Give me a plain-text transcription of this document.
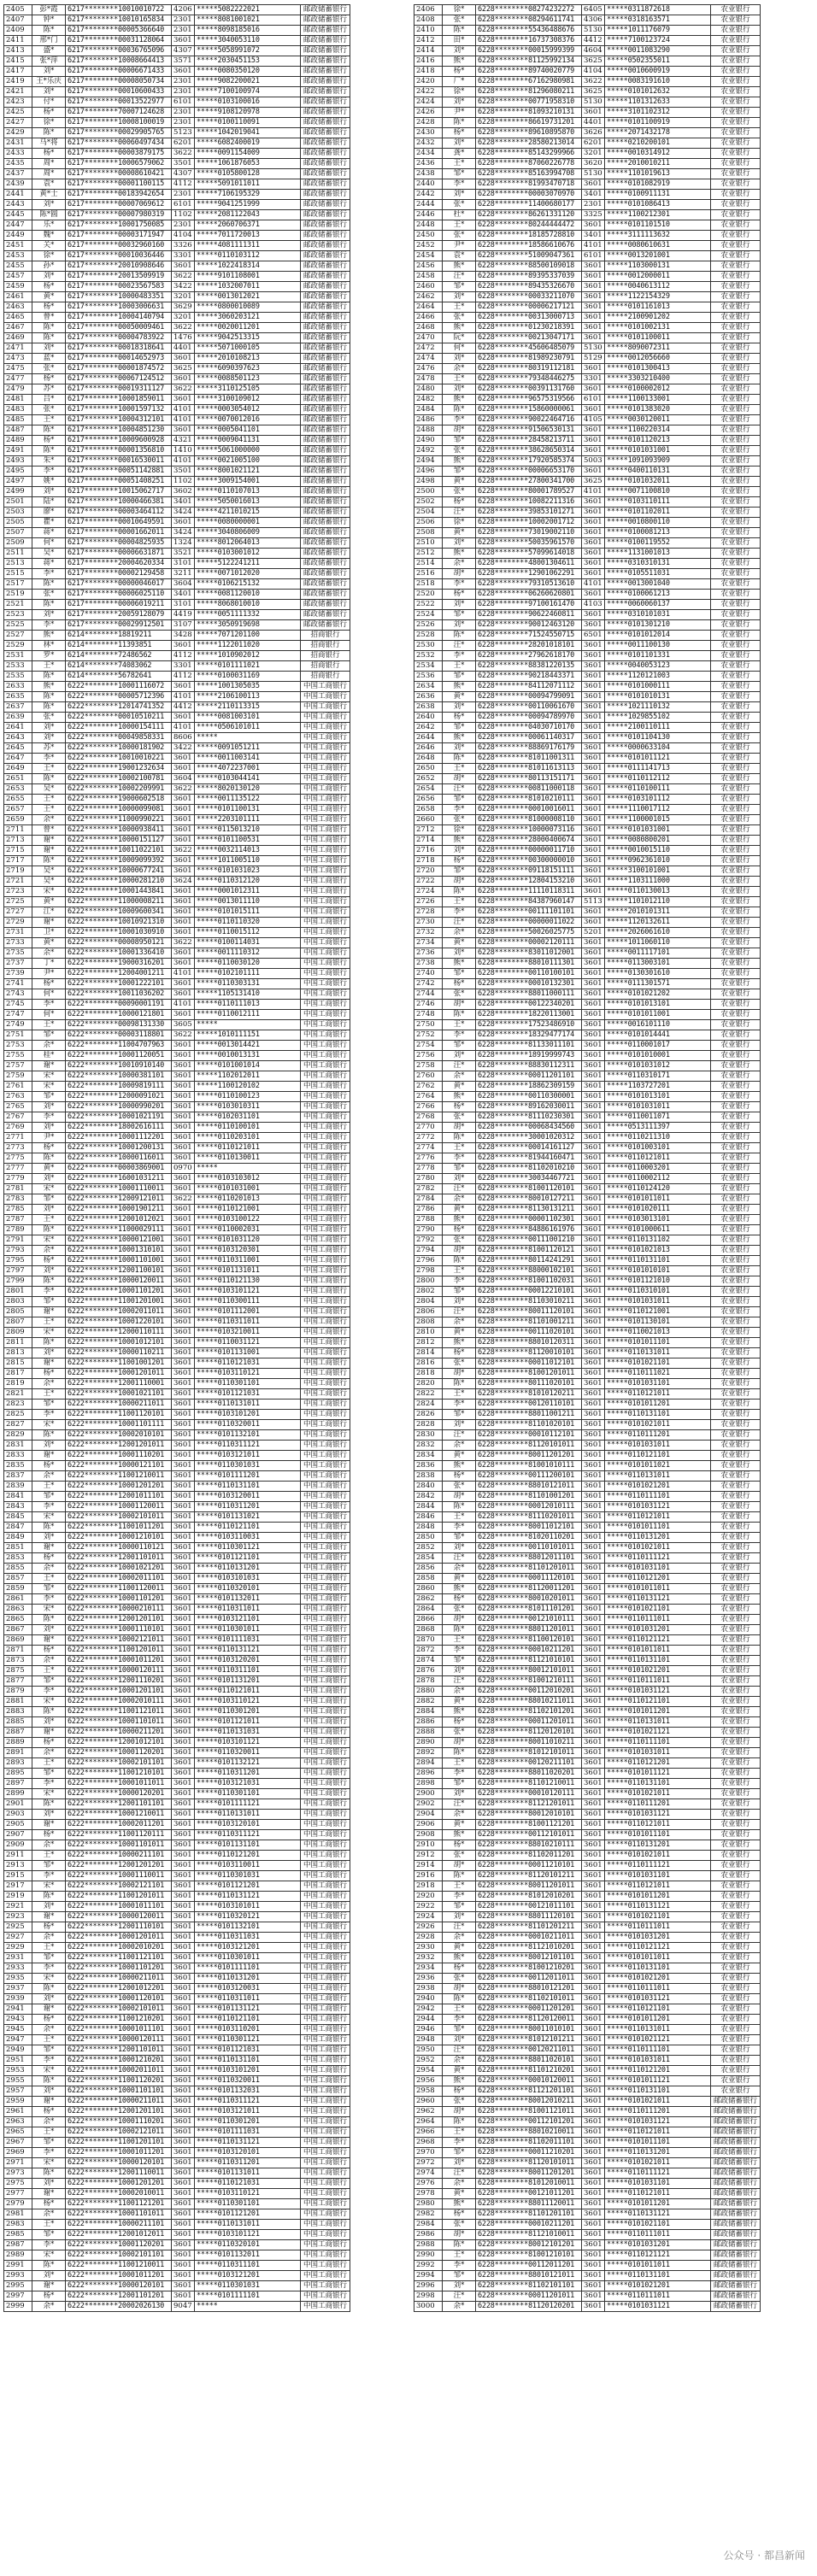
2405	彭*霞	6217********10010010722	4206	*****5082222021	邮政储蓄银行
2407	钟*	6217********10010165834	2301	*****8081001021	邮政储蓄银行
2409	陈*	6217********00005366640	2301	*****8098185016	邮政储蓄银行
2411	邢*门	6217********00031128064	3601	*****3040053110	邮政储蓄银行
2413	盛*	6217********00036765096	4307	*****5058991072	邮政储蓄银行
2415	张*萍	6217********10008664413	3571	*****2030451153	邮政储蓄银行
2417	刘*	6217********00006671433	3601	*****0080350120	邮政储蓄银行
2419	王*乐庆	6217********00008050734	2301	*****9082200021	邮政储蓄银行
2421	刘*	6217********00010600433	2301	*****7100100974	邮政储蓄银行
2423	付*	6217********00013522977	6101	*****0103100016	邮政储蓄银行
2425	杨*	6217********70007124628	2301	*****9108120978	邮政储蓄银行
2427	徐*	6217********10008100019	2301	*****0100110091	邮政储蓄银行
2429	陈*	6217********00029905765	5123	*****1042019041	邮政储蓄银行
2431	马*将	6217********00060497434	6201	*****6082400019	邮政储蓄银行
2433	杨*	6217********00003879175	3622	*****0091154009	邮政储蓄银行
2435	周*	6217********10006579062	3501	*****1061876053	邮政储蓄银行
2437	周*	6217********00008610421	4307	*****0105800128	邮政储蓄银行
2439	袁*	6217********00001100115	4112	*****5091011011	邮政储蓄银行
2441	黄*士	6217********00183942654	2301	*****7106195329	邮政储蓄银行
2443	刘*	6217********00007069612	6101	*****9041251999	邮政储蓄银行
2445	陈*圆	6217********00007980319	1102	*****2081122043	邮政储蓄银行
2447	乐*	6217********10001750085	2301	*****2060706371	邮政储蓄银行
2449	魏*	6217********00003171947	4104	*****7011720013	邮政储蓄银行
2451	关*	6217********00032960160	3326	*****4081111311	邮政储蓄银行
2453	徐*	6217********00010036446	3301	*****0110103112	邮政储蓄银行
2455	孙*	6217********20010908646	3601	*****1022418314	邮政储蓄银行
2457	刘*	6217********20013509919	3622	*****9101108001	邮政储蓄银行
2459	杨*	6217********00023567583	3422	*****1032007011	邮政储蓄银行
2461	黄*	6217********10000483351	3201	*****0013012021	邮政储蓄银行
2463	杨*	6217********10003006631	3629	*****0800010089	邮政储蓄银行
2465	曾*	6217********10004140794	3201	*****3060203121	邮政储蓄银行
2467	陈*	6217********00050009461	3622	*****0020011201	邮政储蓄银行
2469	陈*	6217********00004783922	1476	*****9042513315	邮政储蓄银行
2471	刘*	6217********00018318641	4401	*****5071000105	邮政储蓄银行
2473	蓝*	6217********00014652973	3601	*****2010108213	邮政储蓄银行
2475	张*	6217********00001874572	3625	*****6090397623	邮政储蓄银行
2477	杨*	6217********00067124512	3601	*****0088501123	邮政储蓄银行
2479	苏*	6217********00019311127	3622	*****3110125105	邮政储蓄银行
2481	吕*	6217********10001859011	3601	*****3100109012	邮政储蓄银行
2483	张*	6217********10001597132	4101	*****0003054012	邮政储蓄银行
2485	王*	6217********10004312101	4101	*****0070012016	邮政储蓄银行
2487	陈*	6217********10004851230	3601	*****0005041101	邮政储蓄银行
2489	杨*	6217********10009600928	4321	*****0009041131	邮政储蓄银行
2491	陈*	6217********00001356810	1410	*****5061000000	邮政储蓄银行
2493	朱*	6217********00016530011	4101	*****0021005100	邮政储蓄银行
2495	李*	6217********00051142881	3501	*****8001021121	邮政储蓄银行
2497	姚*	6217********00051408251	1102	*****3009154001	邮政储蓄银行
2499	刘*	6217********10015062717	3602	*****0110107013	邮政储蓄银行
2501	陆*	6217********10000466381	3401	*****5050016013	邮政储蓄银行
2503	廖*	6217********00003464112	3424	*****4211010215	邮政储蓄银行
2505	瞿*	6217********00010649591	3601	*****0080000001	邮政储蓄银行
2507	蒋*	6217********00001662011	3424	*****3040806009	邮政储蓄银行
2509	何*	6217********00004825935	1324	*****8012064013	邮政储蓄银行
2511	吴*	6217********00006631871	3521	*****0103001012	邮政储蓄银行
2513	蒋*	6217********20004620334	3101	*****5122241211	邮政储蓄银行
2515	李*	6217********00002129458	3211	*****0071012020	邮政储蓄银行
2517	陈*	6217********00000046017	3604	*****0106215132	邮政储蓄银行
2519	张*	6217********00006025110	3401	*****0081120010	邮政储蓄银行
2521	陈*	6217********00006019211	3101	*****8068010010	邮政储蓄银行
2523	刘*	6217********20059128079	4419	*****0051111332	邮政储蓄银行
2525	李*	6217********00029912501	3107	*****3050919698	邮政储蓄银行
2527	熊*	6214********18819211	3428	*****7071201100	招商银行
2529	林*	6214********11393851	3601	*****1122011020	招商银行
2531	罗*	6214********72486562	4112	*****1010902012	招商银行
2533	王*	6214********74083062	3301	*****0101111021	招商银行
2535	陈*	6214********56782641	4112	*****0100031169	招商银行
2633	熊*	6222********10001116072	3601	*****1001305035	中国工商银行
2635	陈*	6222********00005712396	4101	*****2106100113	中国工商银行
2637	陈*	6222********12014741352	4412	*****2110113315	中国工商银行
2639	张*	6222********00010510211	3601	*****0081003101	中国工商银行
2641	刘*	6222********10000154111	4101	*****0506101011	中国工商银行
2643	刘*	6222********00049858331	8606	*****	中国工商银行
2645	苏*	6222********10000181902	3422	*****0091051211	中国工商银行
2647	李*	6222********10010010221	3601	*****0011003141	中国工商银行
2649	王*	6222********19001232634	3601	*****4072237001	中国工商银行
2651	陈*	6222********10002100781	3604	*****0103044141	中国工商银行
2653	吴*	6222********10002209991	3622	*****8020130120	中国工商银行
2655	王*	6222********19000602518	3601	*****0011135122	中国工商银行
2657	王*	6222********10000099081	3601	*****0101100131	中国工商银行
2659	余*	6222********11000990221	3601	*****2203101111	中国工商银行
2711	曾*	6222********10000938411	3601	*****0115013210	中国工商银行
2713	谢*	6222********10000151127	3601	*****0101100531	中国工商银行
2715	谢*	6222********10011022101	3622	*****0032114013	中国工商银行
2717	陈*	6222********10009099392	3601	*****1011005110	中国工商银行
2719	吴*	6222********10000677241	3601	*****0101031023	中国工商银行
2721	吴*	6222********10000281210	3624	*****0110312120	中国工商银行
2723	宋*	6222********10001443841	3601	*****0001012311	中国工商银行
2725	黄*	6222********11000008211	3601	*****0013011110	中国工商银行
2727	江*	6222********10009600341	3601	*****0101015111	中国工商银行
2729	谢*	6222********10010921310	3601	*****0110110320	中国工商银行
2731	卫*	6222********10001030910	3601	*****0110015112	中国工商银行
2733	黄*	6222********00008950121	3622	*****0100114031	中国工商银行
2735	余*	6222********10001336410	3601	*****0011110312	中国工商银行
2737	丁*	6222********19000316201	3601	*****0110030120	中国工商银行
2739	尹*	6222********12004001211	4101	*****0102101111	中国工商银行
2741	杨*	6222********10001222101	3601	*****0110303131	中国工商银行
2743	何*	6222********10011036202	3601	*****1105131410	中国工商银行
2745	李*	6222********00090001191	4101	*****0110111013	中国工商银行
2747	何*	6222********10000121801	3601	*****0110012111	中国工商银行
2749	王*	6222********00098131330	3605	*****	中国工商银行
2751	邹*	6222********00003118801	3622	*****1010111151	中国工商银行
2753	余*	6222********11004707963	3601	*****0013014421	中国工商银行
2755	桂*	6222********10001120051	3601	*****0010013131	中国工商银行
2757	谢*	6222********10010910140	3601	*****0101001014	中国工商银行
2759	宋*	6222********10000381101	3601	*****1102012011	中国工商银行
2761	宋*	6222********10009819111	3601	*****1100120102	中国工商银行
2763	邹*	6222********12000091021	3601	*****0110100123	中国工商银行
2765	刘*	6222********10000990201	3601	*****0103010311	中国工商银行
2767	李*	6222********10001021191	3601	*****0102031101	中国工商银行
2769	刘*	6222********18002616111	3601	*****0110100101	中国工商银行
2771	尹*	6222********10001112201	3601	*****0110203101	中国工商银行
2773	杨*	6222********10001200131	3601	*****0110121011	中国工商银行
2775	陈*	6222********10000116011	3601	*****0110130011	中国工商银行
2777	黄*	6222********00003869001	0970	*****	中国工商银行
2779	刘*	6222********16001031211	3601	*****0103103012	中国工商银行
2781	宋*	6222********10001110011	3601	*****0101031001	中国工商银行
2783	邹*	6222********12009121011	3622	*****0110201013	中国工商银行
2785	刘*	6222********10001901211	3601	*****0110121001	中国工商银行
2787	王*	6222********12001012021	3601	*****0103100122	中国工商银行
2789	陈*	6222********11000029111	3601	*****0110002031	中国工商银行
2791	宋*	6222********10000121001	3601	*****0101031120	中国工商银行
2793	余*	6222********10001310101	3601	*****0103120301	中国工商银行
2795	杨*	6222********10001101001	3601	*****0110311001	中国工商银行
2797	刘*	6222********12001100101	3601	*****0101131011	中国工商银行
2799	陈*	6222********10000120011	3601	*****0110121130	中国工商银行
2801	李*	6222********10001101201	3601	*****0103101121	中国工商银行
2803	邹*	6222********11001201001	3601	*****0110300111	中国工商银行
2805	谢*	6222********10002011011	3601	*****0101112001	中国工商银行
2807	王*	6222********10001220101	3601	*****0110311011	中国工商银行
2809	宋*	6222********12000110111	3601	*****0103210011	中国工商银行
2811	陈*	6222********10001012101	3601	*****0110031121	中国工商银行
2813	刘*	6222********10000110211	3601	*****0101131001	中国工商银行
2815	谢*	6222********11001001201	3601	*****0110121031	中国工商银行
2817	杨*	6222********10001201011	3601	*****0103110121	中国工商银行
2819	余*	6222********12001110001	3601	*****0110301101	中国工商银行
2821	王*	6222********10001021101	3601	*****0101121031	中国工商银行
2823	邹*	6222********10000211011	3601	*****0110131011	中国工商银行
2825	李*	6222********11001120101	3601	*****0103101201	中国工商银行
2827	宋*	6222********10001101111	3601	*****0110320011	中国工商银行
2829	陈*	6222********10002010101	3601	*****0101132101	中国工商银行
2831	刘*	6222********12001201011	3601	*****0110311121	中国工商银行
2833	谢*	6222********10001110201	3601	*****0103121011	中国工商银行
2835	杨*	6222********10000121101	3601	*****0110301031	中国工商银行
2837	余*	6222********11001210011	3601	*****0101111201	中国工商银行
2839	王*	6222********10001201201	3601	*****0110131101	中国工商银行
2841	邹*	6222********12001011101	3601	*****0103120011	中国工商银行
2843	李*	6222********10001120011	3601	*****0110311201	中国工商银行
2845	宋*	6222********10002101011	3601	*****0101131021	中国工商银行
2847	陈*	6222********11001011201	3601	*****0110121101	中国工商银行
2849	刘*	6222********10001210101	3601	*****0103110031	中国工商银行
2851	谢*	6222********10000110121	3601	*****0110301121	中国工商银行
2853	杨*	6222********12001101011	3601	*****0101121101	中国工商银行
2855	余*	6222********10001021201	3601	*****0110131201	中国工商银行
2857	王*	6222********10002011101	3601	*****0103101031	中国工商银行
2859	邹*	6222********11001120011	3601	*****0110320101	中国工商银行
2861	李*	6222********10001101201	3601	*****0101132011	中国工商银行
2863	宋*	6222********10000210111	3601	*****0110311011	中国工商银行
2865	陈*	6222********12001201101	3601	*****0103121101	中国工商银行
2867	刘*	6222********10001110101	3601	*****0110301011	中国工商银行
2869	谢*	6222********10002121011	3601	*****0101111031	中国工商银行
2871	杨*	6222********11001201011	3601	*****0110131121	中国工商银行
2873	余*	6222********10001011201	3601	*****0103120201	中国工商银行
2875	王*	6222********10000120111	3601	*****0110311101	中国工商银行
2877	邹*	6222********12001110201	3601	*****0101131201	中国工商银行
2879	李*	6222********10001201101	3601	*****0110121011	中国工商银行
2881	宋*	6222********10002010111	3601	*****0103110121	中国工商银行
2883	陈*	6222********11001121011	3601	*****0110301201	中国工商银行
2885	刘*	6222********10001101011	3601	*****0101121011	中国工商银行
2887	谢*	6222********10000211201	3601	*****0110131031	中国工商银行
2889	杨*	6222********12001012101	3601	*****0103101121	中国工商银行
2891	余*	6222********10001120201	3601	*****0110320011	中国工商银行
2893	王*	6222********10002101101	3601	*****0101132121	中国工商银行
2895	邹*	6222********11001210101	3601	*****0110311201	中国工商银行
2897	李*	6222********10001011011	3601	*****0103121031	中国工商银行
2899	宋*	6222********10000120201	3601	*****0110301101	中国工商银行
2901	陈*	6222********12001101101	3601	*****0101111121	中国工商银行
2903	刘*	6222********10001210011	3601	*****0110131011	中国工商银行
2905	谢*	6222********10002011201	3601	*****0103120101	中国工商银行
2907	杨*	6222********11001120111	3601	*****0110311121	中国工商银行
2909	余*	6222********10001101011	3601	*****0101131101	中国工商银行
2911	王*	6222********10000211101	3601	*****0110121201	中国工商银行
2913	邹*	6222********12001201201	3601	*****0103110011	中国工商银行
2915	李*	6222********10001110011	3601	*****0110301031	中国工商银行
2917	宋*	6222********10002121101	3601	*****0101121201	中国工商银行
2919	陈*	6222********11001201011	3601	*****0110131121	中国工商银行
2921	刘*	6222********10001011101	3601	*****0103101011	中国工商银行
2923	谢*	6222********10000120011	3601	*****0110320121	中国工商银行
2925	杨*	6222********12001110101	3601	*****0101132101	中国工商银行
2927	余*	6222********10001201011	3601	*****0110311031	中国工商银行
2929	王*	6222********10002010201	3601	*****0103121201	中国工商银行
2931	邹*	6222********11001121101	3601	*****0110301011	中国工商银行
2933	李*	6222********10001101201	3601	*****0101111101	中国工商银行
2935	宋*	6222********10000211011	3601	*****0110131201	中国工商银行
2937	陈*	6222********12001012201	3601	*****0103120031	中国工商银行
2939	刘*	6222********10001120101	3601	*****0110311011	中国工商银行
2941	谢*	6222********10002101011	3601	*****0101131121	中国工商银行
2943	杨*	6222********11001210201	3601	*****0110121101	中国工商银行
2945	余*	6222********10001011101	3601	*****0103110201	中国工商银行
2947	王*	6222********10000120111	3601	*****0110301121	中国工商银行
2949	邹*	6222********12001101011	3601	*****0101121031	中国工商银行
2951	李*	6222********10001210201	3601	*****0110131101	中国工商银行
2953	宋*	6222********10002011011	3601	*****0103101201	中国工商银行
2955	陈*	6222********11001120201	3601	*****0110320011	中国工商银行
2957	刘*	6222********10001101101	3601	*****0101132031	中国工商银行
2959	谢*	6222********10000211011	3601	*****0110311121	中国工商银行
2961	杨*	6222********12001201101	3601	*****0103121011	中国工商银行
2963	余*	6222********10001110201	3601	*****0110301201	中国工商银行
2965	王*	6222********10002121011	3601	*****0101111031	中国工商银行
2967	邹*	6222********11001201101	3601	*****0110131121	中国工商银行
2969	李*	6222********10001011201	3601	*****0103120101	中国工商银行
2971	宋*	6222********10000120101	3601	*****0110311201	中国工商银行
2973	陈*	6222********12001110011	3601	*****0101131011	中国工商银行
2975	刘*	6222********10001201201	3601	*****0110121031	中国工商银行
2977	谢*	6222********10002010011	3601	*****0103110121	中国工商银行
2979	杨*	6222********11001121201	3601	*****0110301101	中国工商银行
2981	余*	6222********10001101011	3601	*****0101121201	中国工商银行
2983	王*	6222********10000211101	3601	*****0110131011	中国工商银行
2985	邹*	6222********12001012011	3601	*****0103101121	中国工商银行
2987	李*	6222********10001120201	3601	*****0110320101	中国工商银行
2989	宋*	6222********10002101101	3601	*****0101132011	中国工商银行
2991	陈*	6222********11001210011	3601	*****0110311101	中国工商银行
2993	刘*	6222********10001011201	3601	*****0103121201	中国工商银行
2995	谢*	6222********10000120101	3601	*****0110301031	中国工商银行
2997	杨*	6222********12001101201	3601	*****0101111101	中国工商银行
2999	余*	6222********20002026130	9047	*****	中国工商银行
2406	徐*	6228********08274232272	6405	*****0311872618	农业银行
2408	张*	6228********08294611741	4306	*****0318163571	农业银行
2410	陈*	6228********55436488676	5130	*****1011176079	农业银行
2412	田*	6228********16737308376	4412	*****7100123724	农业银行
2414	刘*	6228********00015999399	4604	*****0011083290	农业银行
2416	熊*	6228********81125992134	3625	*****0502355011	农业银行
2418	杨*	6228********89740020779	4104	*****0010600919	农业银行
2420	厂*	6228********67162980981	3622	*****0083191610	农业银行
2422	徐*	6228********81296080211	3625	*****0101012632	农业银行
2424	刘*	6228********00771958310	5130	*****1101312633	农业银行
2426	尹*	6228********81093210131	3601	*****3101102312	农业银行
2428	陈*	6228********86619731201	4401	*****0101100919	农业银行
2430	杨*	6228********89610895870	3626	*****2071432178	农业银行
2432	刘*	6228********28580213014	6201	*****0210200101	农业银行
2434	龚*	6228********85143299966	3201	*****0010314912	农业银行
2436	王*	6228********87060226778	3620	*****2010010211	农业银行
2438	邹*	6228********85163994708	5130	*****1101019613	农业银行
2440	李*	6228********81993470718	3601	*****0101082919	农业银行
2442	刘*	6228********00003070970	3401	*****0100911131	农业银行
2444	张*	6228********11400680177	2301	*****0101086413	农业银行
2446	杜*	6228********86261331120	3325	*****1100212301	农业银行
2448	王*	6228********80244444472	3601	*****0101101510	农业银行
2450	张*	6228********18185728810	3401	*****3111113632	农业银行
2452	尹*	6228********18586610676	4101	*****0080610631	农业银行
2454	袁*	6228********51009047361	6101	*****0013201001	农业银行
2456	熊*	6228********88500109018	3601	*****1103000131	农业银行
2458	汪*	6228********89395337039	3601	*****0012000011	农业银行
2460	邹*	6228********89435326670	3601	*****0040613112	农业银行
2462	刘*	6228********00033211070	3601	*****1122154329	农业银行
2464	王*	6228********00006217121	3601	*****0101161013	农业银行
2466	张*	6228********00313000713	3601	*****2100901202	农业银行
2468	熊*	6228********01230218391	3601	*****0101002131	农业银行
2470	阮*	6228********00213047171	3601	*****0101100011	农业银行
2472	何*	6228********45606485079	5130	*****8090072311	农业银行
2474	刘*	6228********81989230791	5129	*****0012056660	农业银行
2476	余*	6228********80319112181	3601	*****0101300413	农业银行
2478	王*	6228********79348446275	3301	*****3303210400	农业银行
2480	刘*	6228********00391131760	3601	*****0100002012	农业银行
2482	熊*	6228********96575319566	6101	*****1100133001	农业银行
2484	陈*	6228********15860000061	3601	*****0101383020	农业银行
2486	李*	6228********90022464716	4105	*****0030120011	农业银行
2488	胡*	6228********91506530131	3601	*****1100220314	农业银行
2490	邹*	6228********28458213711	3601	*****0101120213	农业银行
2492	张*	6228********38628650314	3601	*****0101031001	农业银行
2494	熊*	6228********17920585374	5003	*****1091093909	农业银行
2496	邹*	6228********00006653170	3601	*****0400110131	农业银行
2498	黄*	6228********27800341700	3625	*****0101032011	农业银行
2500	张*	6228********80001789527	4101	*****0071100810	农业银行
2502	杨*	6228********10082211316	3601	*****0103110111	农业银行
2504	汪*	6228********39853101271	3601	*****0101102011	农业银行
2506	徐*	6228********10002001712	3601	*****0010800110	农业银行
2508	黄*	6228********73019002110	3601	*****0100081213	农业银行
2510	刘*	6228********50035961570	3601	*****0100119552	农业银行
2512	熊*	6228********57099614018	3601	*****1131001013	农业银行
2514	余*	6228********48001304611	3601	*****0310310131	农业银行
2516	胡*	6228********12901062291	3601	*****0105511031	农业银行
2518	李*	6228********79310513610	4101	*****0013001040	农业银行
2520	杨*	6228********06260620801	3601	*****0100061213	农业银行
2522	刘*	6228********97100161470	4103	*****0060060137	农业银行
2524	邹*	6228********90622460811	3601	*****0310101031	农业银行
2526	刘*	6228********90012463120	3601	*****0101301210	农业银行
2528	陈*	6228********71524550715	6501	*****0101012014	农业银行
2530	汪*	6228********28201018101	3601	*****0011100130	农业银行
2532	李*	6228********27962618170	3601	*****0101101331	农业银行
2534	王*	6228********88381220135	3601	*****0040053123	农业银行
2536	邹*	6228********90218443371	3601	*****1120121003	农业银行
2634	熊*	6228********84112071112	3601	*****0101000111	农业银行
2636	黄*	6228********00094799091	3601	*****0101010131	农业银行
2638	刘*	6228********00110061670	3601	*****1021110132	农业银行
2640	杨*	6228********00094789970	3601	*****1029855102	农业银行
2642	邹*	6228********04030710170	3601	*****2100110111	农业银行
2644	熊*	6228********00061140317	3601	*****0101104130	农业银行
2646	刘*	6228********88869176179	3601	*****0000633104	农业银行
2648	陈*	6228********81011001311	3601	*****0101011121	农业银行
2650	王*	6228********81011613113	3601	*****0111141713	农业银行
2652	胡*	6228********80113151171	3601	*****0110112112	农业银行
2654	汪*	6228********00811000118	3601	*****0110100111	农业银行
2656	邹*	6228********81010210111	3601	*****0103101112	农业银行
2658	李*	6228********00010016011	3601	*****1110017112	农业银行
2660	张*	6228********81000008110	3601	*****1100001015	农业银行
2712	徐*	6228********10000073116	3601	*****0101031001	农业银行
2714	熊*	6228********28000400674	3601	*****0080800201	农业银行
2716	刘*	6228********00000011710	3601	*****0010015110	农业银行
2718	杨*	6228********00300000010	3601	*****0962361010	农业银行
2720	邹*	6228********09118151111	3601	*****3100101001	农业银行
2722	胡*	6228********12804153210	3601	*****1103111000	农业银行
2724	陈*	6228********11110118311	3601	*****0110130013	农业银行
2726	王*	6228********84387960147	5113	*****1101012110	农业银行
2728	李*	6228********00111101101	3601	*****2010101311	农业银行
2730	汪*	6228********00000011022	3601	*****1120132611	农业银行
2732	余*	6228********50026025775	5201	*****2026061610	农业银行
2734	黄*	6228********00002120111	3601	*****1011060110	农业银行
2736	刘*	6228********83011012001	3601	*****0011117101	农业银行
2738	熊*	6228********88010111301	3601	*****0113003101	农业银行
2740	邹*	6228********00110100101	3601	*****0130301610	农业银行
2742	杨*	6228********00010132301	3601	*****0111301571	农业银行
2744	张*	6228********88011000111	3601	*****0101021202	农业银行
2746	胡*	6228********00122340201	3601	*****0101013101	农业银行
2748	陈*	6228********18220113001	3601	*****0101011001	农业银行
2750	王*	6228********17523486910	3601	*****0016101110	农业银行
2752	李*	6228********18329477174	3601	*****0101014441	农业银行
2754	邹*	6228********81133011101	3601	*****0110001017	农业银行
2756	刘*	6228********18919999743	3601	*****0101010001	农业银行
2758	汪*	6228********88830112311	3601	*****0101031012	农业银行
2760	余*	6228********00011201101	3601	*****0110310171	农业银行
2762	黄*	6228********18862309159	3601	*****1103727201	农业银行
2764	熊*	6228********00110300001	3601	*****0101013101	农业银行
2766	杨*	6228********89162030011	3601	*****0101031011	农业银行
2768	张*	6228********81110230301	3601	*****0110011071	农业银行
2770	胡*	6228********00068434560	3601	*****0513111397	农业银行
2772	陈*	6228********30001020312	3601	*****0110211310	农业银行
2774	王*	6228********00014161127	3601	*****0101003101	农业银行
2776	李*	6228********81944160471	3601	*****0110121011	农业银行
2778	邹*	6228********81102010210	3601	*****0110003201	农业银行
2780	刘*	6228********30034467721	3601	*****0110002112	农业银行
2782	汪*	6228********81001120101	3601	*****0110124120	农业银行
2784	余*	6228********80010127211	3601	*****0101011011	农业银行
2786	黄*	6228********81130131211	3601	*****0101020111	农业银行
2788	熊*	6228********00001102301	3601	*****0103013101	农业银行
2790	杨*	6228********84886161976	3601	*****0101000611	农业银行
2792	张*	6228********00111001210	3601	*****0110131102	农业银行
2794	胡*	6228********81001120121	3601	*****0101021013	农业银行
2796	陈*	6228********80114241291	3601	*****0110131101	农业银行
2798	王*	6228********88000102101	3601	*****0101010101	农业银行
2800	李*	6228********81001102031	3601	*****0101121010	农业银行
2802	邹*	6228********00012210101	3601	*****0110310101	农业银行
2804	刘*	6228********81103010211	3601	*****0101031011	农业银行
2806	汪*	6228********80011120101	3601	*****0110121001	农业银行
2808	余*	6228********81101001211	3601	*****0101130101	农业银行
2810	黄*	6228********00111020101	3601	*****0110021013	农业银行
2812	熊*	6228********88010120311	3601	*****0101011101	农业银行
2814	杨*	6228********81120010101	3601	*****0110131011	农业银行
2816	张*	6228********00011012101	3601	*****0101021101	农业银行
2818	胡*	6228********81001201011	3601	*****0110111021	农业银行
2820	陈*	6228********80111020101	3601	*****0101031101	农业银行
2822	王*	6228********81010120211	3601	*****0110121011	农业银行
2824	李*	6228********00120110101	3601	*****0101011201	农业银行
2826	邹*	6228********88011001211	3601	*****0110131101	农业银行
2828	刘*	6228********81101020101	3601	*****0101021011	农业银行
2830	汪*	6228********00010112101	3601	*****0110111201	农业银行
2832	余*	6228********81120101011	3601	*****0101031011	农业银行
2834	黄*	6228********80011201201	3601	*****0110121101	农业银行
2836	熊*	6228********81001010111	3601	*****0101011021	农业银行
2838	杨*	6228********00111200101	3601	*****0110131011	农业银行
2840	张*	6228********88010121011	3601	*****0101021201	农业银行
2842	胡*	6228********81101001201	3601	*****0110111101	农业银行
2844	陈*	6228********00012010111	3601	*****0101031121	农业银行
2846	王*	6228********81110201011	3601	*****0110121011	农业银行
2848	李*	6228********80011012101	3601	*****0101011101	农业银行
2850	邹*	6228********81020110201	3601	*****0110131201	农业银行
2852	刘*	6228********00110101011	3601	*****0101021011	农业银行
2854	汪*	6228********88012011101	3601	*****0110111121	农业银行
2856	余*	6228********81101201011	3601	*****0101031101	农业银行
2858	黄*	6228********00011120101	3601	*****0110121201	农业银行
2860	熊*	6228********81120011201	3601	*****0101011011	农业银行
2862	杨*	6228********80010201011	3601	*****0110131121	农业银行
2864	张*	6228********81011101201	3601	*****0101021101	农业银行
2866	胡*	6228********00121010111	3601	*****0110111011	农业银行
2868	陈*	6228********88011201011	3601	*****0101031201	农业银行
2870	王*	6228********81100120101	3601	*****0110121121	农业银行
2872	李*	6228********00010211201	3601	*****0101011011	农业银行
2874	邹*	6228********81121010101	3601	*****0110131101	农业银行
2876	刘*	6228********80012101011	3601	*****0101021201	农业银行
2878	汪*	6228********81001210111	3601	*****0110111011	农业银行
2880	余*	6228********00112010201	3601	*****0101031121	农业银行
2882	黄*	6228********88010211011	3601	*****0110121101	农业银行
2884	熊*	6228********81102101201	3601	*****0101011201	农业银行
2886	杨*	6228********00011201011	3601	*****0110131011	农业银行
2888	张*	6228********81120120101	3601	*****0101021121	农业银行
2890	胡*	6228********80011010211	3601	*****0110111101	农业银行
2892	陈*	6228********81012101011	3601	*****0101031011	农业银行
2894	王*	6228********00120211101	3601	*****0110121201	农业银行
2896	李*	6228********88011020201	3601	*****0101011121	农业银行
2898	邹*	6228********81101210011	3601	*****0110131101	农业银行
2900	刘*	6228********00010120111	3601	*****0101021011	农业银行
2902	汪*	6228********81121201011	3601	*****0110111201	农业银行
2904	余*	6228********80012010101	3601	*****0101031121	农业银行
2906	黄*	6228********81001121201	3601	*****0110121011	农业银行
2908	熊*	6228********00112101011	3601	*****0101011101	农业银行
2910	杨*	6228********88010210111	3601	*****0110131201	农业银行
2912	张*	6228********81102011201	3601	*****0101021011	农业银行
2914	胡*	6228********00011210101	3601	*****0110111121	农业银行
2916	陈*	6228********81120101211	3601	*****0101031101	农业银行
2918	王*	6228********80011201011	3601	*****0110121011	农业银行
2920	李*	6228********81012010201	3601	*****0101011201	农业银行
2922	邹*	6228********00121011101	3601	*****0110131121	农业银行
2924	刘*	6228********88011120101	3601	*****0101021101	农业银行
2926	汪*	6228********81101201211	3601	*****0110111011	农业银行
2928	余*	6228********00010211011	3601	*****0101031201	农业银行
2930	黄*	6228********81121010201	3601	*****0110121121	农业银行
2932	熊*	6228********80012101101	3601	*****0101011011	农业银行
2934	杨*	6228********81001210201	3601	*****0110131101	农业银行
2936	张*	6228********00112011011	3601	*****0101021201	农业银行
2938	胡*	6228********88010121201	3601	*****0110111011	农业银行
2940	陈*	6228********81102101011	3601	*****0101031121	农业银行
2942	王*	6228********00011201201	3601	*****0110121101	农业银行
2944	李*	6228********81120120011	3601	*****0101011201	农业银行
2946	邹*	6228********80011010101	3601	*****0110131011	农业银行
2948	刘*	6228********81012101211	3601	*****0101021121	农业银行
2950	汪*	6228********00120211011	3601	*****0110111101	农业银行
2952	余*	6228********88011020101	3601	*****0101031011	农业银行
2954	黄*	6228********81101210201	3601	*****0110121201	农业银行
2956	熊*	6228********00010120011	3601	*****0101011121	农业银行
2958	杨*	6228********81121201101	3601	*****0110131101	农业银行
2960	张*	6228********80012010211	3601	*****0101021011	邮政储蓄银行
2962	胡*	6228********81001121011	3601	*****0110111201	邮政储蓄银行
2964	陈*	6228********00112101201	3601	*****0101031121	邮政储蓄银行
2966	王*	6228********88010210011	3601	*****0110121011	邮政储蓄银行
2968	李*	6228********81102011101	3601	*****0101011101	邮政储蓄银行
2970	邹*	6228********00011210201	3601	*****0110131201	邮政储蓄银行
2972	刘*	6228********81120101011	3601	*****0101021011	邮政储蓄银行
2974	汪*	6228********80011201201	3601	*****0110111121	邮政储蓄银行
2976	余*	6228********81012010011	3601	*****0101031101	邮政储蓄银行
2978	黄*	6228********00121011201	3601	*****0110121011	邮政储蓄银行
2980	熊*	6228********88011120011	3601	*****0101011201	邮政储蓄银行
2982	杨*	6228********81101201101	3601	*****0110131121	邮政储蓄银行
2984	张*	6228********00010211201	3601	*****0101021101	邮政储蓄银行
2986	胡*	6228********81121010011	3601	*****0110111011	邮政储蓄银行
2988	陈*	6228********80012101201	3601	*****0101031201	邮政储蓄银行
2990	王*	6228********81001210101	3601	*****0110121121	邮政储蓄银行
2992	李*	6228********00112011201	3601	*****0101011011	邮政储蓄银行
2994	邹*	6228********88010121011	3601	*****0110131101	邮政储蓄银行
2996	刘*	6228********81102101101	3601	*****0101021201	邮政储蓄银行
2998	汪*	6228********00011201011	3601	*****0110111011	邮政储蓄银行
3000	余*	6228********81120120201	3601	*****0101031121	邮政储蓄银行
公众号 · 都昌新闻
